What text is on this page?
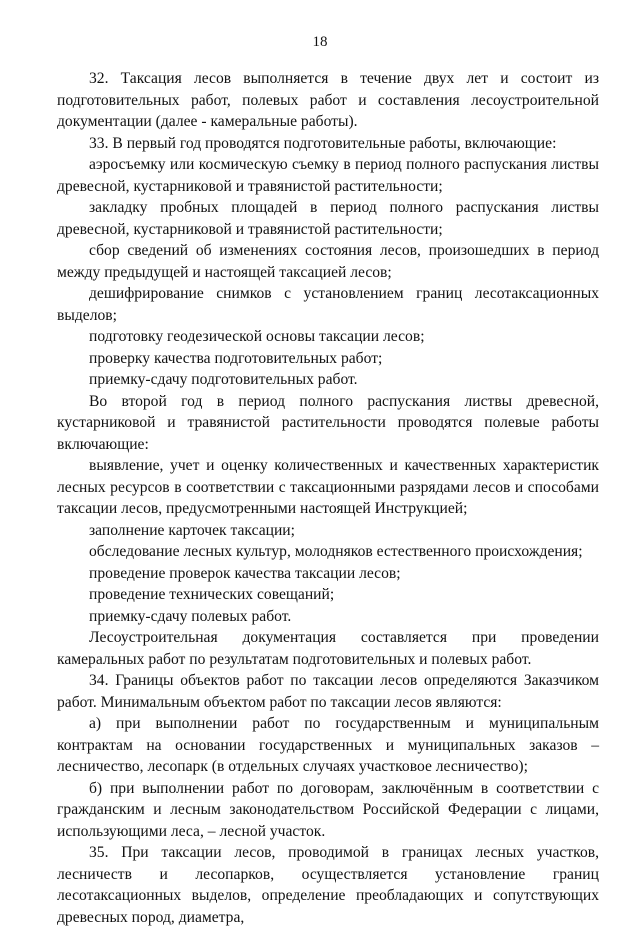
18

32. Таксация лесов выполняется в течение двух лет и состоит из подготовительных работ, полевых работ и составления лесоустроительной документации (далее - камеральные работы).

33. В первый год проводятся подготовительные работы, включающие:

аэросъемку или космическую съемку в период полного распускания листвы древесной, кустарниковой и травянистой растительности;

закладку пробных площадей в период полного распускания листвы древесной, кустарниковой и травянистой растительности;

сбор сведений об изменениях состояния лесов, произошедших в период между предыдущей и настоящей таксацией лесов;

дешифрирование снимков с установлением границ лесотаксационных выделов;

подготовку геодезической основы таксации лесов;

проверку качества подготовительных работ;

приемку-сдачу подготовительных работ.

Во второй год в период полного распускания листвы древесной, кустарниковой и травянистой растительности проводятся полевые работы включающие:

выявление, учет и оценку количественных и качественных характеристик лесных ресурсов в соответствии с таксационными разрядами лесов и способами таксации лесов, предусмотренными настоящей Инструкцией;

заполнение карточек таксации;

обследование лесных культур, молодняков естественного происхождения;

проведение проверок качества таксации лесов;

проведение технических совещаний;

приемку-сдачу полевых работ.

Лесоустроительная документация составляется при проведении камеральных работ по результатам подготовительных и полевых работ.

34. Границы объектов работ по таксации лесов определяются Заказчиком работ. Минимальным объектом работ по таксации лесов являются:

а) при выполнении работ по государственным и муниципальным контрактам на основании государственных и муниципальных заказов – лесничество, лесопарк (в отдельных случаях участковое лесничество);

б) при выполнении работ по договорам, заключённым в соответствии с гражданским и лесным законодательством Российской Федерации с лицами, использующими леса, – лесной участок.

35. При таксации лесов, проводимой в границах лесных участков, лесничеств и лесопарков, осуществляется установление границ лесотаксационных выделов, определение преобладающих и сопутствующих древесных пород, диаметра,
